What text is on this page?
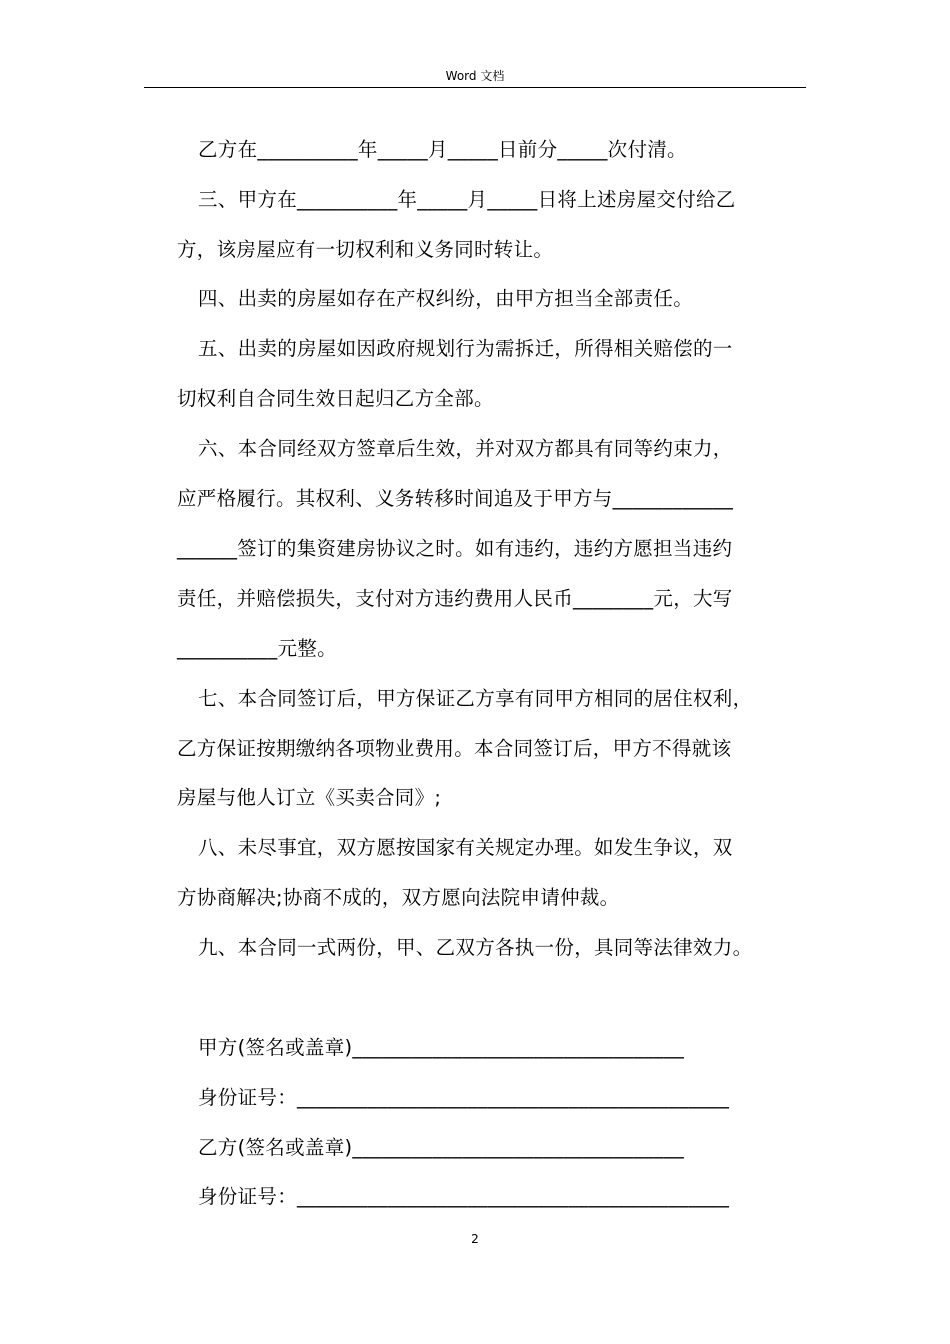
Word 文档
乙方在__________年_____月_____日前分_____次付清。
三、甲方在__________年_____月_____日将上述房屋交付给乙
方，该房屋应有一切权利和义务同时转让。
四、出卖的房屋如存在产权纠纷，由甲方担当全部责任。
五、出卖的房屋如因政府规划行为需拆迁，所得相关赔偿的一
切权利自合同生效日起归乙方全部。
六、本合同经双方签章后生效，并对双方都具有同等约束力，
应严格履行。其权利、义务转移时间追及于甲方与____________
______签订的集资建房协议之时。如有违约，违约方愿担当违约
责任，并赔偿损失，支付对方违约费用人民币________元，大写
__________元整。
七、本合同签订后，甲方保证乙方享有同甲方相同的居住权利，
乙方保证按期缴纳各项物业费用。本合同签订后，甲方不得就该
房屋与他人订立《买卖合同》;
八、未尽事宜，双方愿按国家有关规定办理。如发生争议，双
方协商解决;协商不成的，双方愿向法院申请仲裁。
九、本合同一式两份，甲、乙双方各执一份，具同等法律效力。
甲方(签名或盖章)_________________________________
身份证号：___________________________________________
乙方(签名或盖章)_________________________________
身份证号：___________________________________________
2
